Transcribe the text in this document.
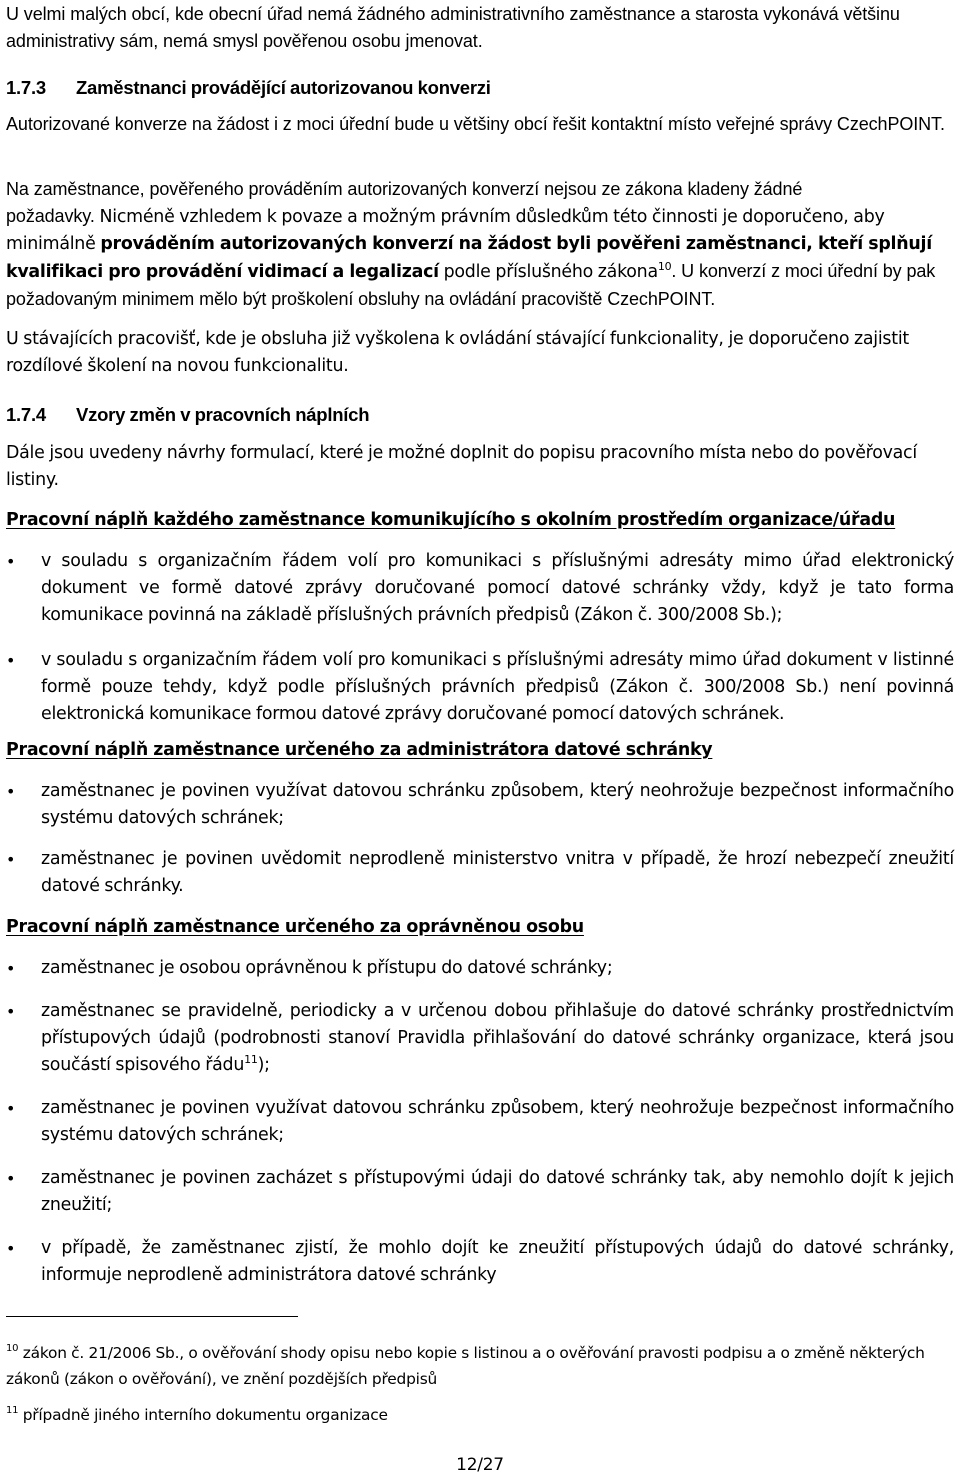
U velmi malých obcí, kde obecní úřad nemá žádného administrativního zaměstnance a starosta vykonává většinu administrativy sám, nemá smysl pověřenou osobu jmenovat.

1.7.3 Zaměstnanci provádějící autorizovanou konverzi

Autorizované konverze na žádost i z moci úřední bude u většiny obcí řešit kontaktní místo veřejné správy CzechPOINT.

Na zaměstnance, pověřeného prováděním autorizovaných konverzí nejsou ze zákona kladeny žádné
požadavky. Nicméně vzhledem k povaze a možným právním důsledkům této činnosti je doporučeno, aby minimálně prováděním autorizovaných konverzí na žádost byli pověřeni zaměstnanci, kteří splňují kvalifikaci pro provádění vidimací a legalizací podle příslušného zákona$^{10}$. U konverzí z moci úřední by pak požadovaným minimem mělo být proškolení obsluhy na ovládání pracoviště CzechPOINT.

U stávajících pracovišť, kde je obsluha již vyškolena k ovládání stávající funkcionality, je doporučeno zajistit rozdílové školení na novou funkcionalitu.

1.7.4 Vzory změn v pracovních náplních

Dále jsou uvedeny návrhy formulací, které je možné doplnit do popisu pracovního místa nebo do pověřovací listiny.

Pracovní náplň každého zaměstnance komunikujícího s okolním prostředím organizace/úřadu

• v souladu s organizačním řádem volí pro komunikaci s příslušnými adresáty mimo úřad elektronický dokument ve formě datové zprávy doručované pomocí datové schránky vždy, když je tato forma komunikace povinná na základě příslušných právních předpisů (Zákon č. 300/2008 Sb.);
• v souladu s organizačním řádem volí pro komunikaci s příslušnými adresáty mimo úřad dokument v listinné formě pouze tehdy, když podle příslušných právních předpisů (Zákon č. 300/2008 Sb.) není povinná elektronická komunikace formou datové zprávy doručované pomocí datových schránek.

Pracovní náplň zaměstnance určeného za administrátora datové schránky

• zaměstnanec je povinen využívat datovou schránku způsobem, který neohrožuje bezpečnost informačního systému datových schránek;
• zaměstnanec je povinen uvědomit neprodleně ministerstvo vnitra v případě, že hrozí nebezpečí zneužití datové schránky.

Pracovní náplň zaměstnance určeného za oprávněnou osobu

• zaměstnanec je osobou oprávněnou k přístupu do datové schránky;
• zaměstnanec se pravidelně, periodicky a v určenou dobou přihlašuje do datové schránky prostřednictvím přístupových údajů (podrobnosti stanoví Pravidla přihlašování do datové schránky organizace, která jsou součástí spisového řádu$^{11}$);
• zaměstnanec je povinen využívat datovou schránku způsobem, který neohrožuje bezpečnost informačního systému datových schránek;
• zaměstnanec je povinen zacházet s přístupovými údaji do datové schránky tak, aby nemohlo dojít k jejich zneužití;
• v případě, že zaměstnanec zjistí, že mohlo dojít ke zneužití přístupových údajů do datové schránky, informuje neprodleně administrátora datové schránky

$^{10}$ zákon č. 21/2006 Sb., o ověřování shody opisu nebo kopie s listinou a o ověřování pravosti podpisu a o změně některých zákonů (zákon o ověřování), ve znění pozdějších předpisů

$^{11}$ případně jiného interního dokumentu organizace

12/27
